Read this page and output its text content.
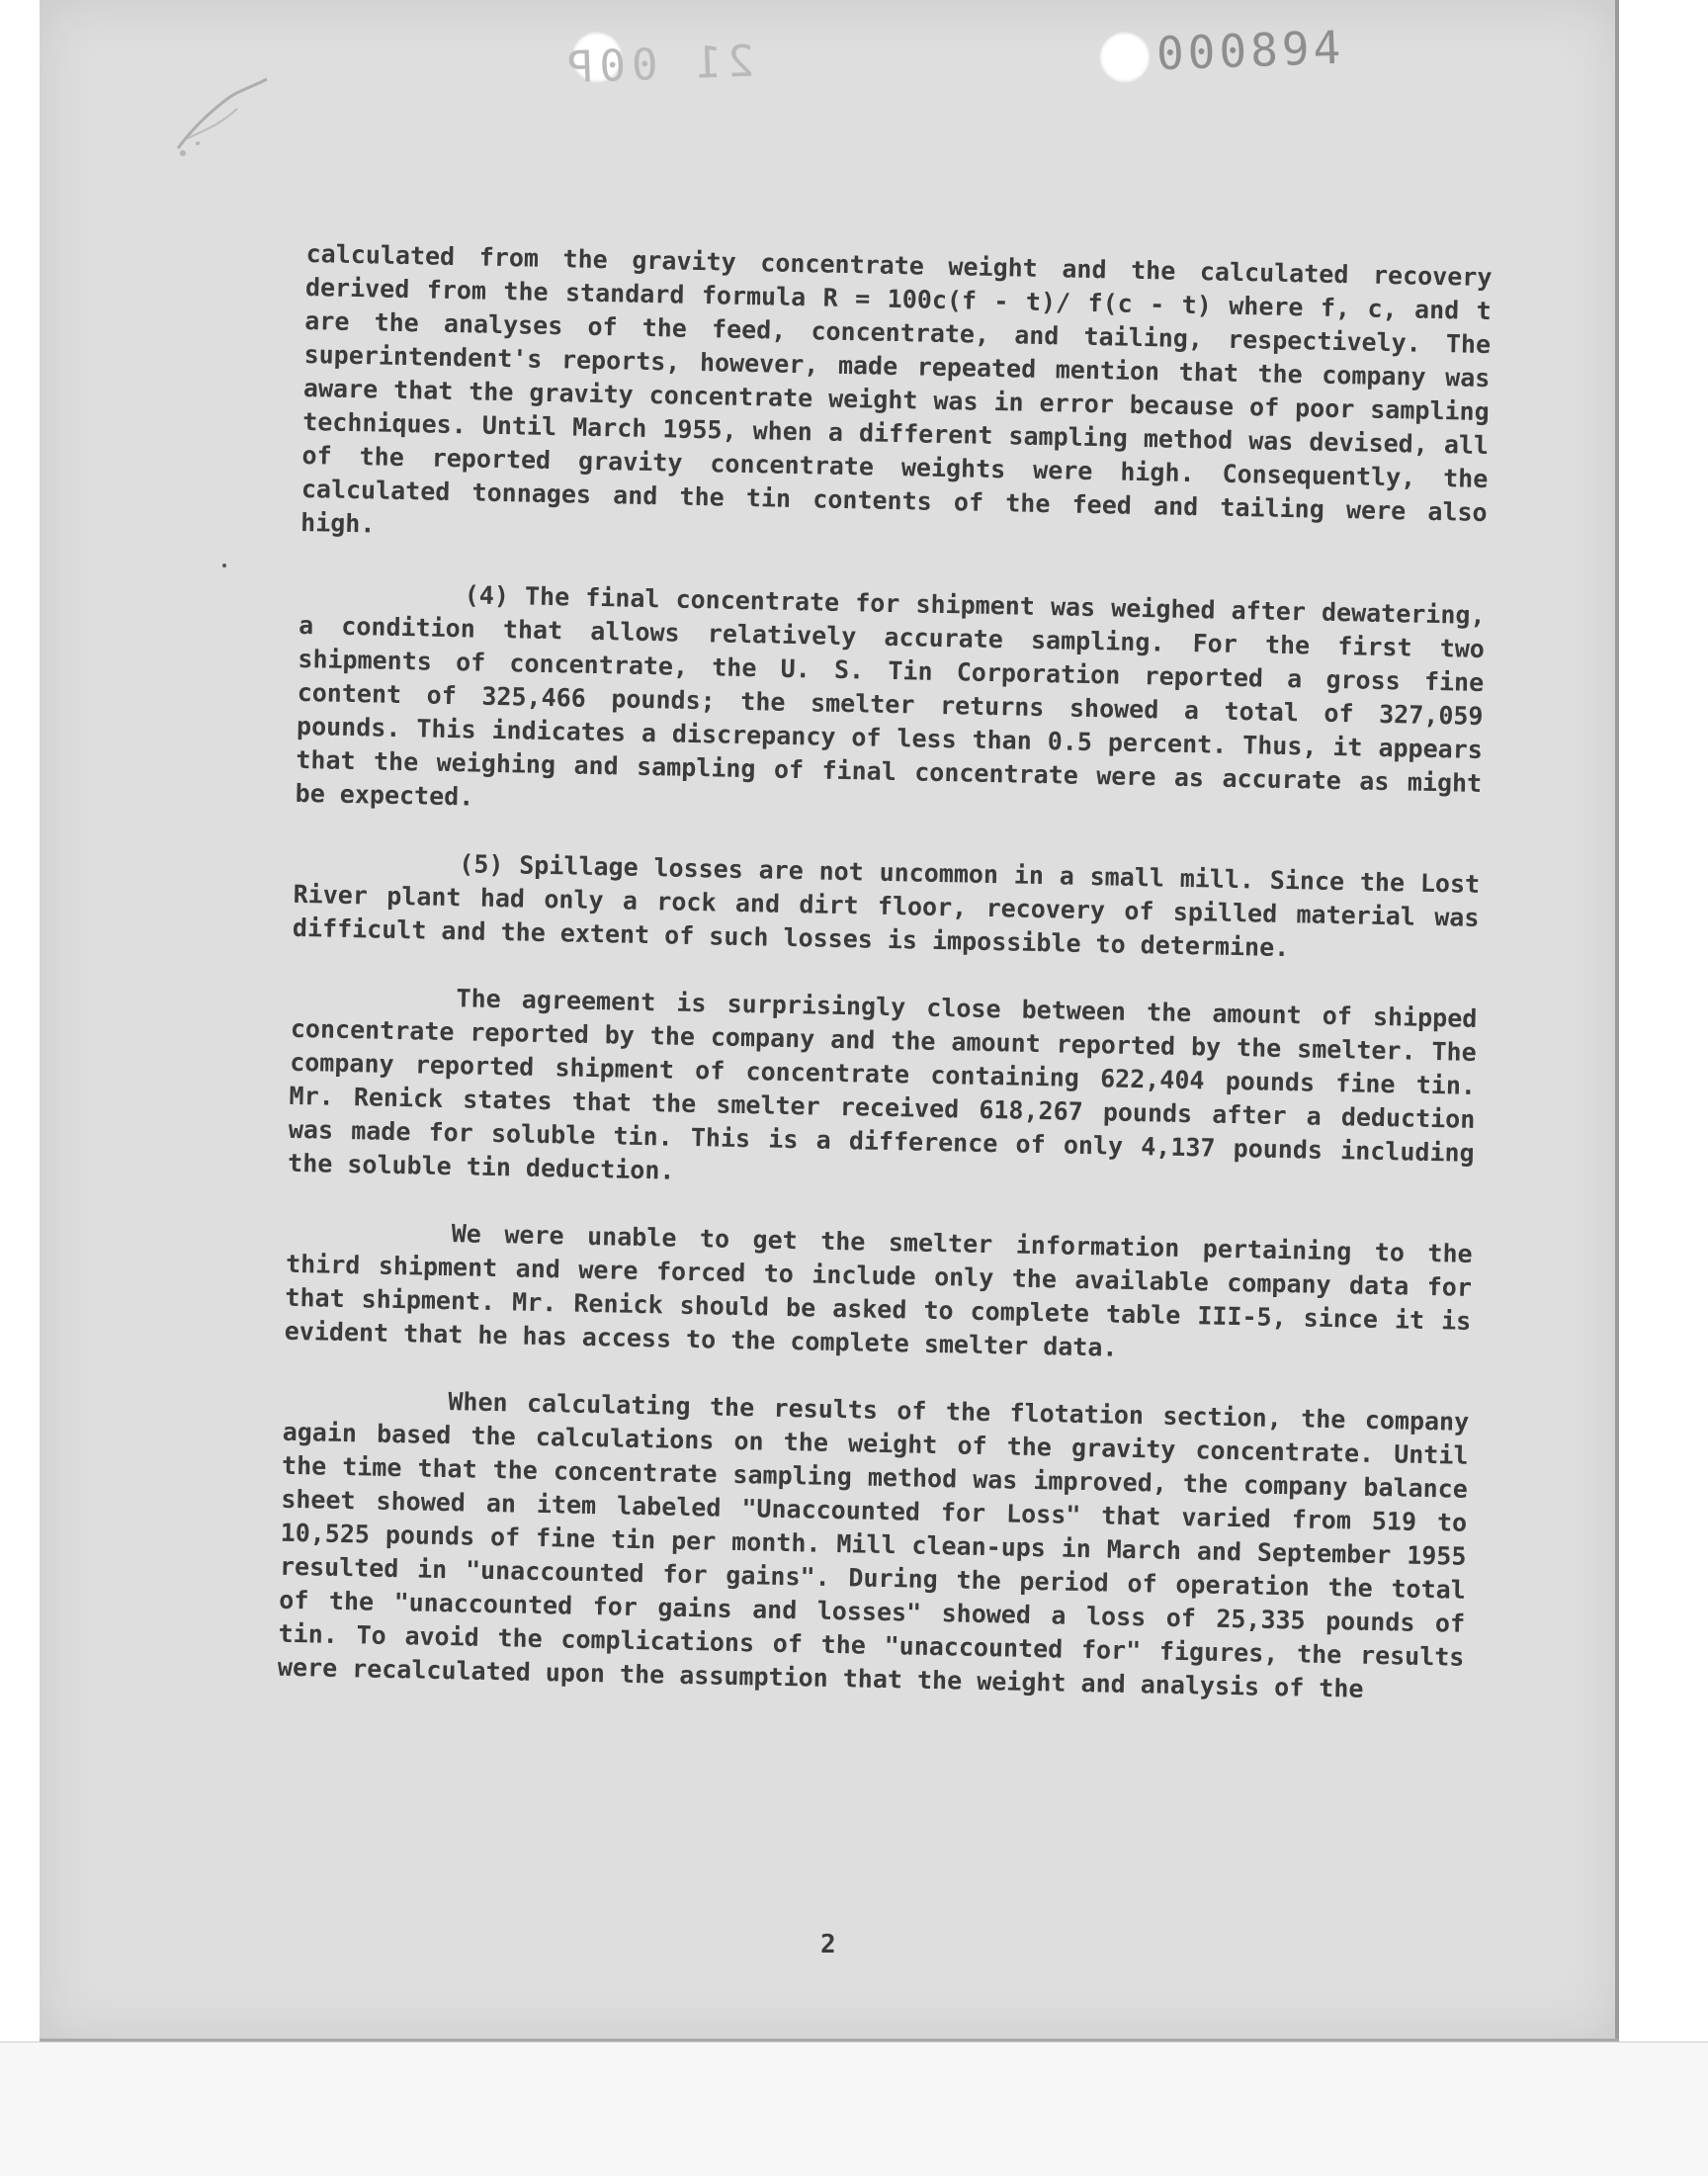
21 00P	000894

calculated from the gravity concentrate weight and the calculated recovery derived from the standard formula R = 100c(f - t)/ f(c - t) where f, c, and t are the analyses of the feed, concentrate, and tailing, respectively. The superintendent's reports, however, made repeated mention that the company was aware that the gravity concentrate weight was in error because of poor sampling techniques. Until March 1955, when a different sampling method was devised, all of the reported gravity concentrate weights were high. Consequently, the calculated tonnages and the tin contents of the feed and tailing were also high.

(4) The final concentrate for shipment was weighed after dewatering, a condition that allows relatively accurate sampling. For the first two shipments of concentrate, the U. S. Tin Corporation reported a gross fine content of 325,466 pounds; the smelter returns showed a total of 327,059 pounds. This indicates a discrepancy of less than 0.5 percent. Thus, it appears that the weighing and sampling of final concentrate were as accurate as might be expected.

(5) Spillage losses are not uncommon in a small mill. Since the Lost River plant had only a rock and dirt floor, recovery of spilled material was difficult and the extent of such losses is impossible to determine.

The agreement is surprisingly close between the amount of shipped concentrate reported by the company and the amount reported by the smelter. The company reported shipment of concentrate containing 622,404 pounds fine tin. Mr. Renick states that the smelter received 618,267 pounds after a deduction was made for soluble tin. This is a difference of only 4,137 pounds including the soluble tin deduction.

We were unable to get the smelter information pertaining to the third shipment and were forced to include only the available company data for that shipment. Mr. Renick should be asked to complete table III-5, since it is evident that he has access to the complete smelter data.

When calculating the results of the flotation section, the company again based the calculations on the weight of the gravity concentrate. Until the time that the concentrate sampling method was improved, the company balance sheet showed an item labeled "Unaccounted for Loss" that varied from 519 to 10,525 pounds of fine tin per month. Mill clean-ups in March and September 1955 resulted in "unaccounted for gains". During the period of operation the total of the "unaccounted for gains and losses" showed a loss of 25,335 pounds of tin. To avoid the complications of the "unaccounted for" figures, the results were recalculated upon the assumption that the weight and analysis of the

2
